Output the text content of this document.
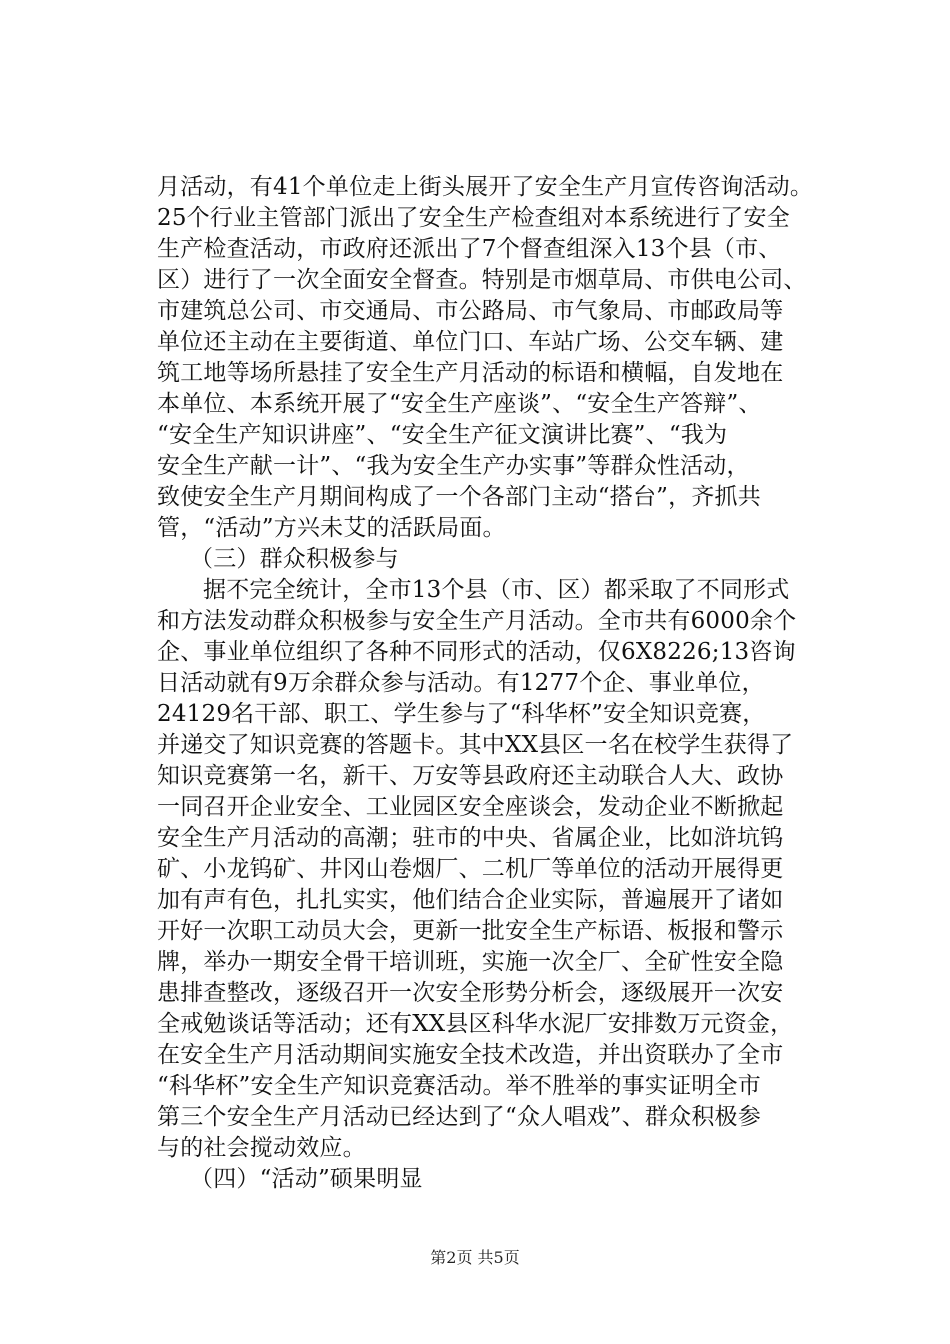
月活动，有41个单位走上街头展开了安全生产月宣传咨询活动。
25个行业主管部门派出了安全生产检查组对本系统进行了安全
生产检查活动，市政府还派出了7个督查组深入13个县（市、
区）进行了一次全面安全督查。特别是市烟草局、市供电公司、
市建筑总公司、市交通局、市公路局、市气象局、市邮政局等
单位还主动在主要街道、单位门口、车站广场、公交车辆、建
筑工地等场所悬挂了安全生产月活动的标语和横幅，自发地在
本单位、本系统开展了“安全生产座谈”、“安全生产答辩”、
“安全生产知识讲座”、“安全生产征文演讲比赛”、“我为
安全生产献一计”、“我为安全生产办实事”等群众性活动，
致使安全生产月期间构成了一个各部门主动“搭台”，齐抓共
管，“活动”方兴未艾的活跃局面。
（三）群众积极参与
据不完全统计，全市13个县（市、区）都采取了不同形式
和方法发动群众积极参与安全生产月活动。全市共有6000余个
企、事业单位组织了各种不同形式的活动，仅6X8226;13咨询
日活动就有9万余群众参与活动。有1277个企、事业单位，
24129名干部、职工、学生参与了“科华杯”安全知识竞赛，
并递交了知识竞赛的答题卡。其中XX县区一名在校学生获得了
知识竞赛第一名，新干、万安等县政府还主动联合人大、政协
一同召开企业安全、工业园区安全座谈会，发动企业不断掀起
安全生产月活动的高潮；驻市的中央、省属企业，比如浒坑钨
矿、小龙钨矿、井冈山卷烟厂、二机厂等单位的活动开展得更
加有声有色，扎扎实实，他们结合企业实际，普遍展开了诸如
开好一次职工动员大会，更新一批安全生产标语、板报和警示
牌，举办一期安全骨干培训班，实施一次全厂、全矿性安全隐
患排查整改，逐级召开一次安全形势分析会，逐级展开一次安
全戒勉谈话等活动；还有XX县区科华水泥厂安排数万元资金，
在安全生产月活动期间实施安全技术改造，并出资联办了全市
“科华杯”安全生产知识竞赛活动。举不胜举的事实证明全市
第三个安全生产月活动已经达到了“众人唱戏”、群众积极参
与的社会搅动效应。
（四）“活动”硕果明显
第2页 共5页
